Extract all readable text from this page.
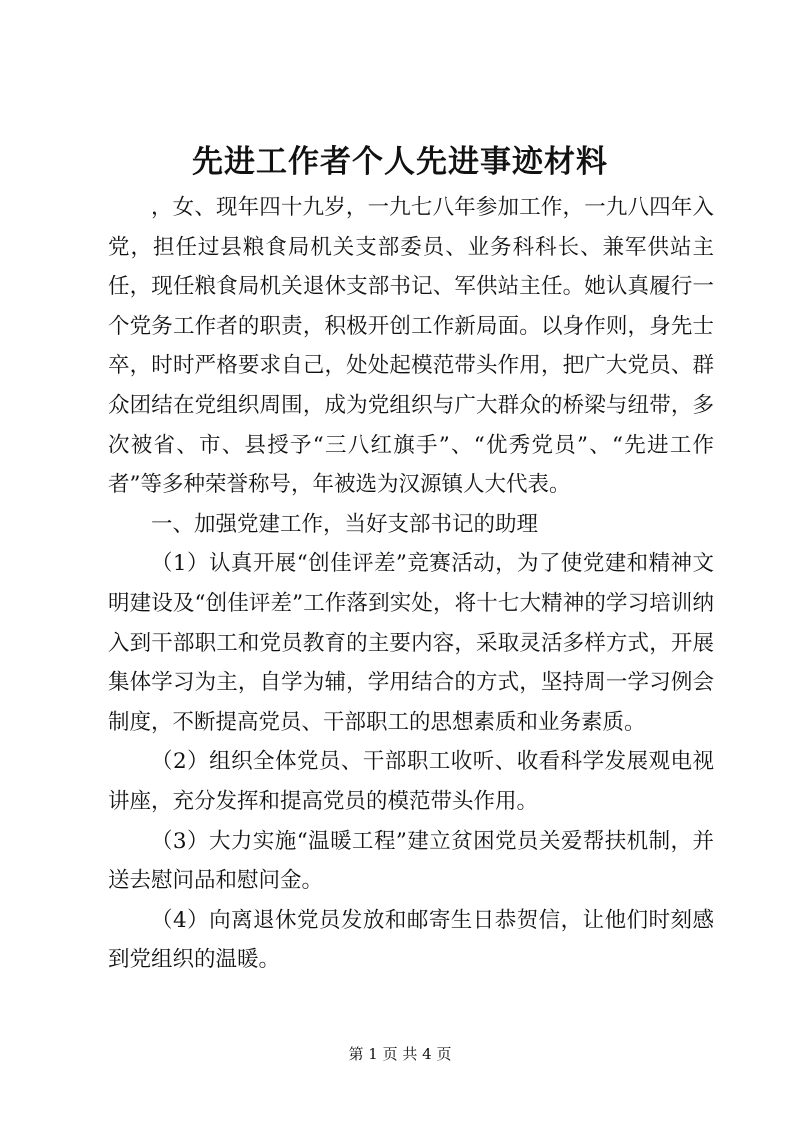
先进工作者个人先进事迹材料

，女、现年四十九岁，一九七八年参加工作，一九八四年入党，担任过县粮食局机关支部委员、业务科科长、兼军供站主任，现任粮食局机关退休支部书记、军供站主任。她认真履行一个党务工作者的职责，积极开创工作新局面。以身作则，身先士卒，时时严格要求自己，处处起模范带头作用，把广大党员、群众团结在党组织周围，成为党组织与广大群众的桥梁与纽带，多次被省、市、县授予“三八红旗手”、“优秀党员”、“先进工作者”等多种荣誉称号，年被选为汉源镇人大代表。

一、加强党建工作，当好支部书记的助理

（1）认真开展“创佳评差”竞赛活动，为了使党建和精神文明建设及“创佳评差”工作落到实处，将十七大精神的学习培训纳入到干部职工和党员教育的主要内容，采取灵活多样方式，开展集体学习为主，自学为辅，学用结合的方式，坚持周一学习例会制度，不断提高党员、干部职工的思想素质和业务素质。

（2）组织全体党员、干部职工收听、收看科学发展观电视讲座，充分发挥和提高党员的模范带头作用。

（3）大力实施“温暖工程”建立贫困党员关爱帮扶机制，并送去慰问品和慰问金。

（4）向离退休党员发放和邮寄生日恭贺信，让他们时刻感到党组织的温暖。

第 1 页 共 4 页
